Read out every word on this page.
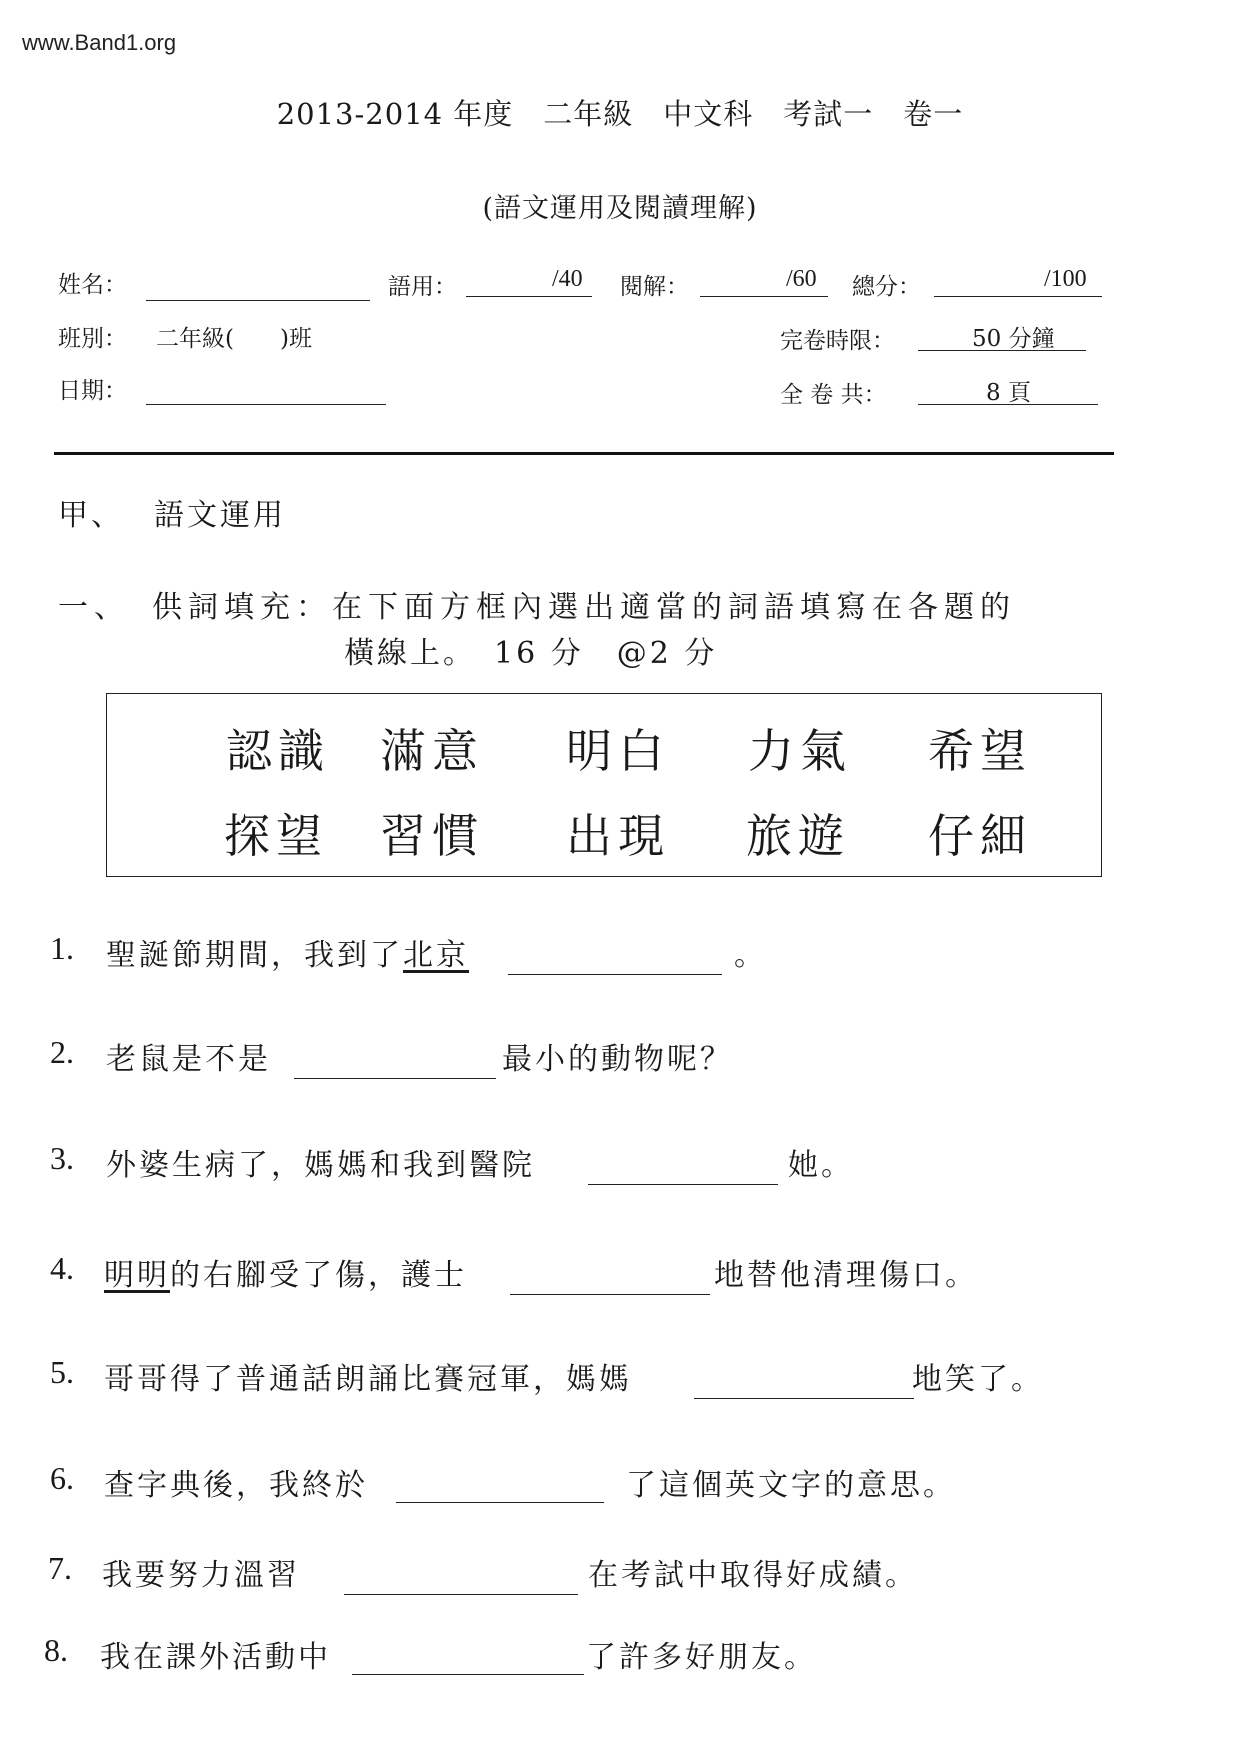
www.Band1.org
2013-2014 年度　二年級　中文科　考試一　卷一
(語文運用及閱讀理解)
姓名：	語用：	/40 閱解：	/60 總分：	/100
班別： 二年級(　　)班	完卷時限：	50 分鐘
日期：	全 卷 共：	8 頁
甲、 語文運用
一、 供詞填充：在下面方框內選出適當的詞語填寫在各題的
橫線上。　16 分　@2 分
認識 滿意 明白 力氣 希望
探望 習慣 出現 旅遊 仔細
1. 聖誕節期間，我到了北京	。
2. 老鼠是不是	最小的動物呢？
3. 外婆生病了，媽媽和我到醫院	她。
4. 明明的右腳受了傷，護士	地替他清理傷口。
5. 哥哥得了普通話朗誦比賽冠軍，媽媽	地笑了。
6. 查字典後，我終於	了這個英文字的意思。
7. 我要努力溫習	在考試中取得好成績。
8. 我在課外活動中	了許多好朋友。
